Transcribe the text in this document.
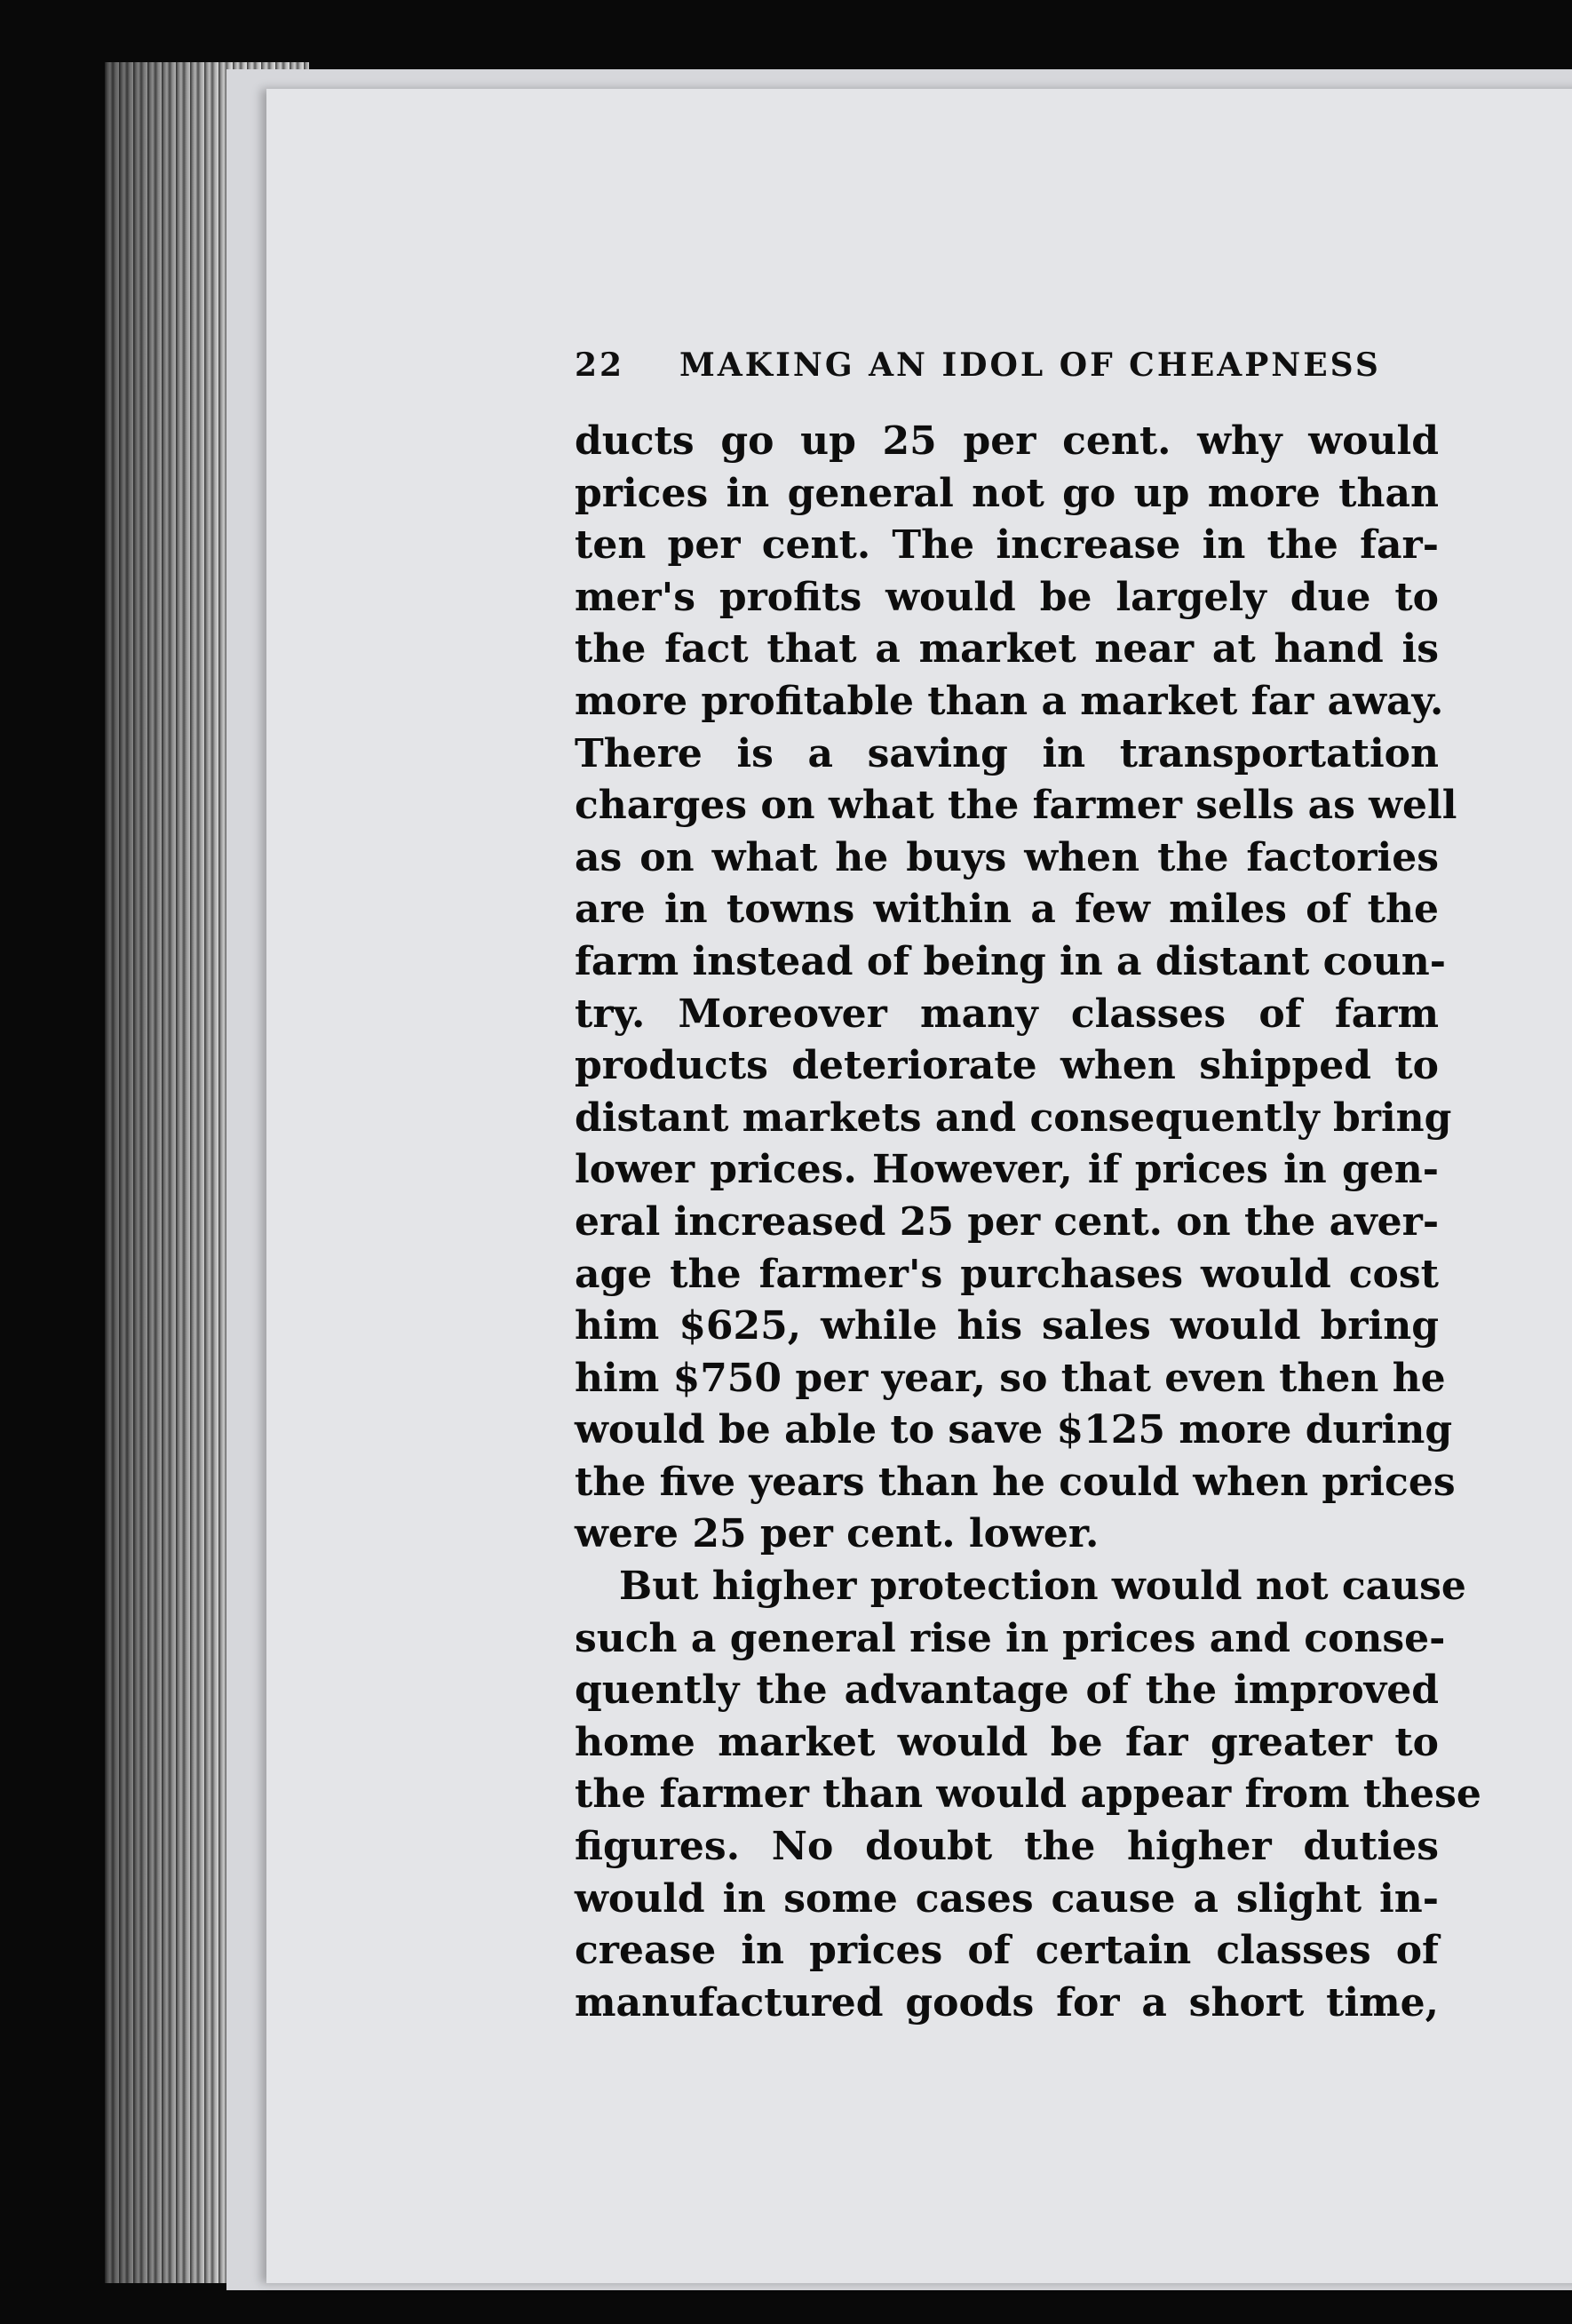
22 MAKING AN IDOL OF CHEAPNESS
ducts go up 25 per cent. why would
prices in general not go up more than
ten per cent. The increase in the far-
mer's profits would be largely due to
the fact that a market near at hand is
more profitable than a market far away.
There is a saving in transportation
charges on what the farmer sells as well
as on what he buys when the factories
are in towns within a few miles of the
farm instead of being in a distant coun-
try. Moreover many classes of farm
products deteriorate when shipped to
distant markets and consequently bring
lower prices. However, if prices in gen-
eral increased 25 per cent. on the aver-
age the farmer's purchases would cost
him $625, while his sales would bring
him $750 per year, so that even then he
would be able to save $125 more during
the five years than he could when prices
were 25 per cent. lower.
But higher protection would not cause
such a general rise in prices and conse-
quently the advantage of the improved
home market would be far greater to
the farmer than would appear from these
figures. No doubt the higher duties
would in some cases cause a slight in-
crease in prices of certain classes of
manufactured goods for a short time,
